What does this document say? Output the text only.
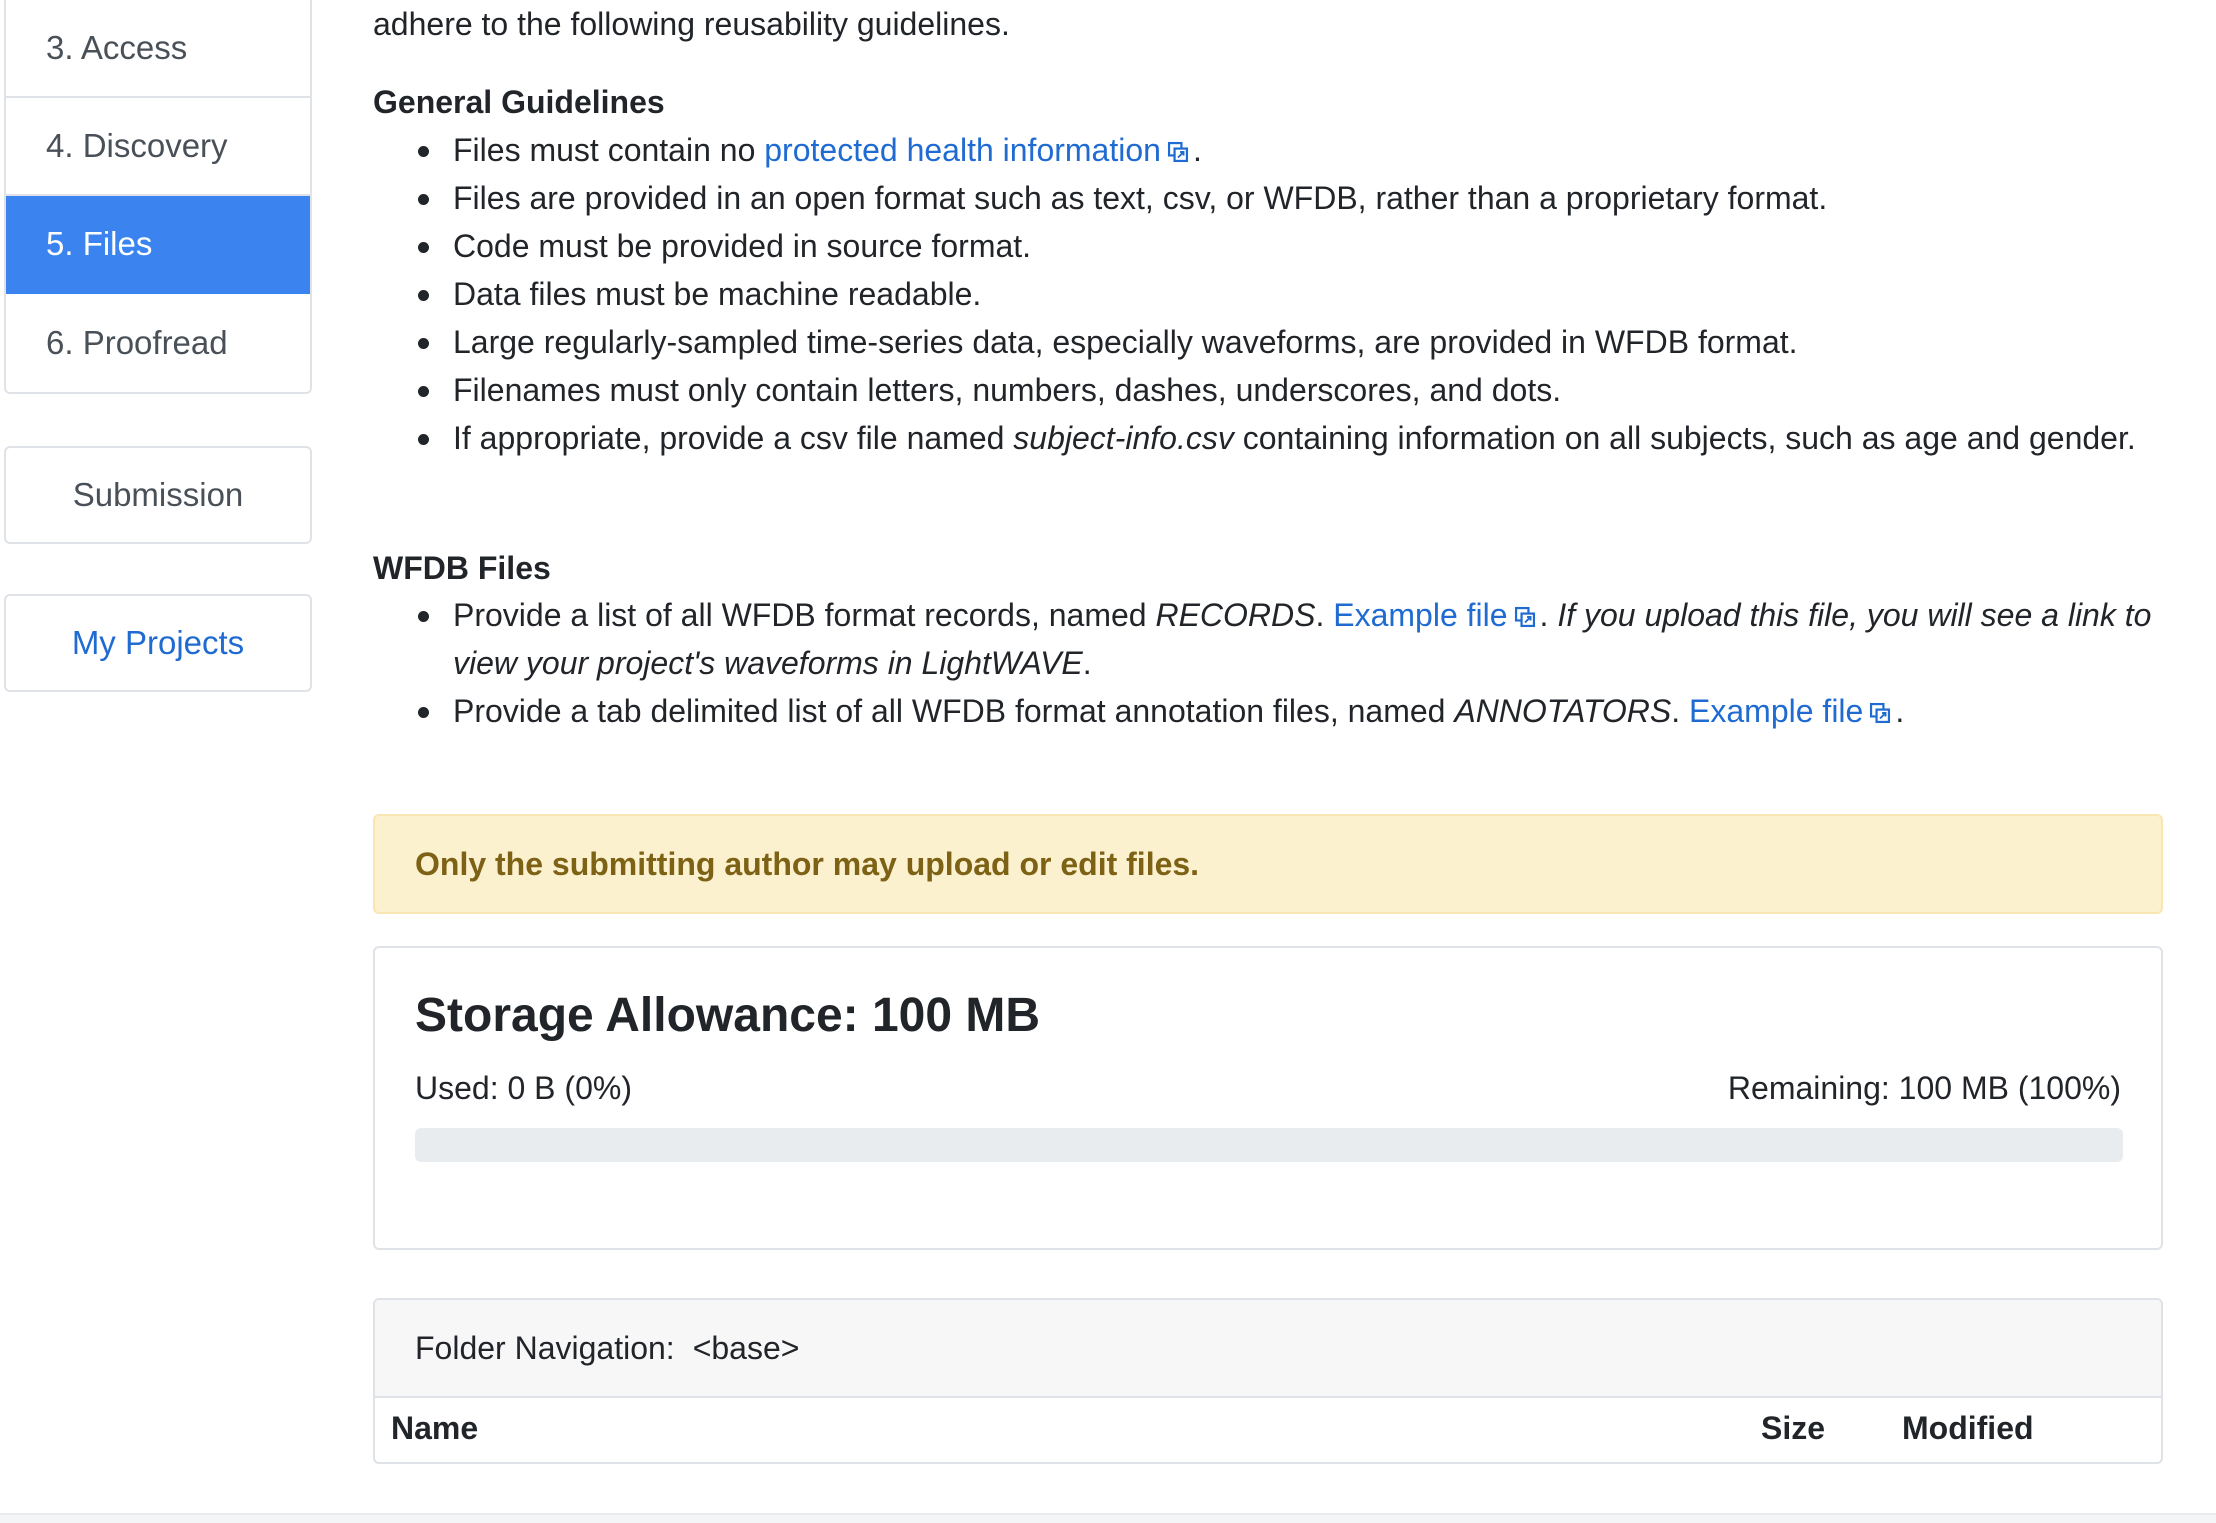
3. Access
4. Discovery
5. Files
6. Proofread
Submission
My Projects

adhere to the following reusability guidelines.

General Guidelines
Files must contain no protected health information .
Files are provided in an open format such as text, csv, or WFDB, rather than a proprietary format.
Code must be provided in source format.
Data files must be machine readable.
Large regularly-sampled time-series data, especially waveforms, are provided in WFDB format.
Filenames must only contain letters, numbers, dashes, underscores, and dots.
If appropriate, provide a csv file named subject-info.csv containing information on all subjects, such as age and gender.
WFDB Files
Provide a list of all WFDB format records, named RECORDS. Example file . If you upload this file, you will see a link to view your project's waveforms in LightWAVE.
Provide a tab delimited list of all WFDB format annotation files, named ANNOTATORS. Example file .
Only the submitting author may upload or edit files.
Storage Allowance: 100 MB
Used: 0 B (0%)	Remaining: 100 MB (100%)
Folder Navigation: <base>
Name	Size Modified
